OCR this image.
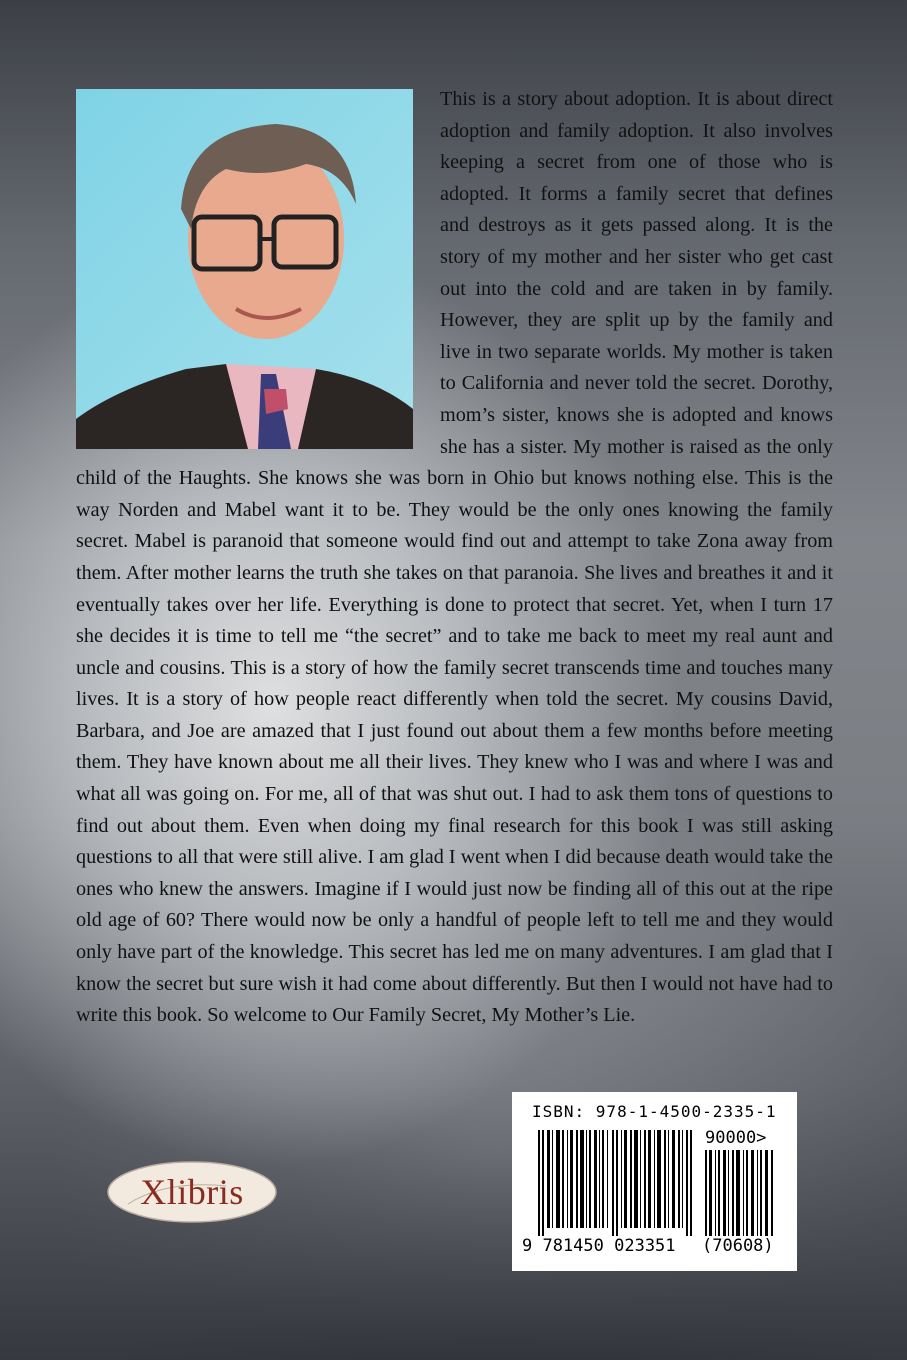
This is a story about adoption. It is about direct adoption and family adoption. It also involves keeping a secret from one of those who is adopted. It forms a family secret that defines and destroys as it gets passed along. It is the story of my mother and her sister who get cast out into the cold and are taken in by family. However, they are split up by the family and live in two separate worlds. My mother is taken to California and never told the secret. Dorothy, mom’s sister, knows she is adopted and knows she has a sister. My mother is raised as the only child of the Haughts. She knows she was born in Ohio but knows nothing else. This is the way Norden and Mabel want it to be. They would be the only ones knowing the family secret. Mabel is paranoid that someone would find out and attempt to take Zona away from them. After mother learns the truth she takes on that paranoia. She lives and breathes it and it eventually takes over her life. Everything is done to protect that secret. Yet, when I turn 17 she decides it is time to tell me “the secret” and to take me back to meet my real aunt and uncle and cousins. This is a story of how the family secret transcends time and touches many lives. It is a story of how people react differently when told the secret. My cousins David, Barbara, and Joe are amazed that I just found out about them a few months before meeting them. They have known about me all their lives. They knew who I was and where I was and what all was going on. For me, all of that was shut out. I had to ask them tons of questions to find out about them. Even when doing my final research for this book I was still asking questions to all that were still alive. I am glad I went when I did because death would take the ones who knew the answers. Imagine if I would just now be finding all of this out at the ripe old age of 60? There would now be only a handful of people left to tell me and they would only have part of the knowledge. This secret has led me on many adventures. I am glad that I know the secret but sure wish it had come about differently. But then I would not have had to write this book. So welcome to Our Family Secret, My Mother’s Lie.
Xlibris
ISBN: 978-1-4500-2335-1
90000>
9 781450 023351 (70608)
